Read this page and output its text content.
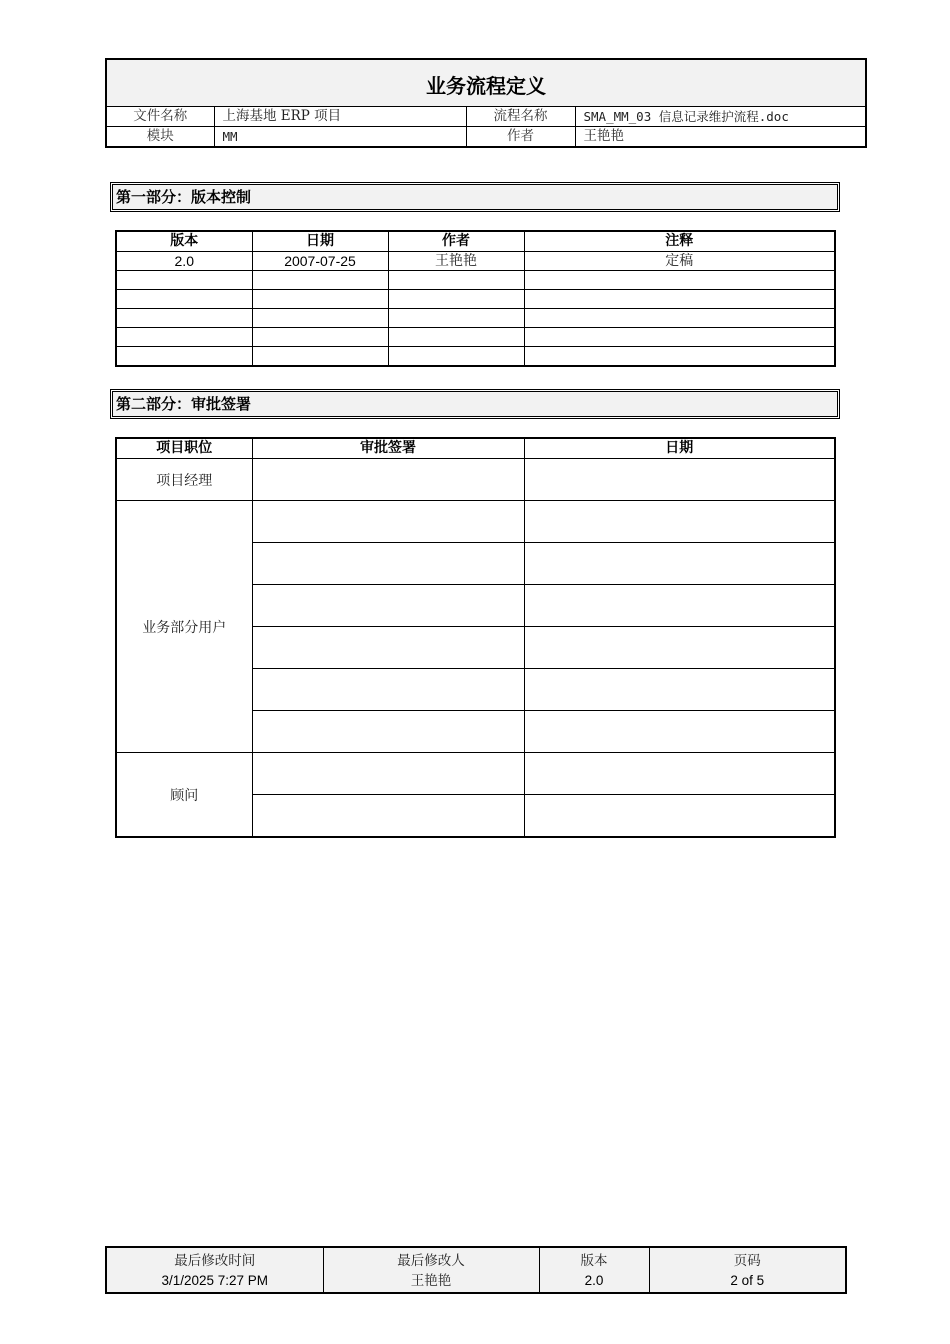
业务流程定义
文件名称	上海基地 ERP 项目	流程名称	SMA_MM_03 信息记录维护流程.doc
模块	MM	作者	王艳艳
第一部分：版本控制
版本	日期	作者	注释
2.0	2007-07-25	王艳艳	定稿

第二部分：审批签署
项目职位	审批签署	日期
项目经理		
业务部分用户		

顾问		

最后修改时间
3/1/2025 7:27 PM

最后修改人
王艳艳

版本
2.0

页码
2 of 5
